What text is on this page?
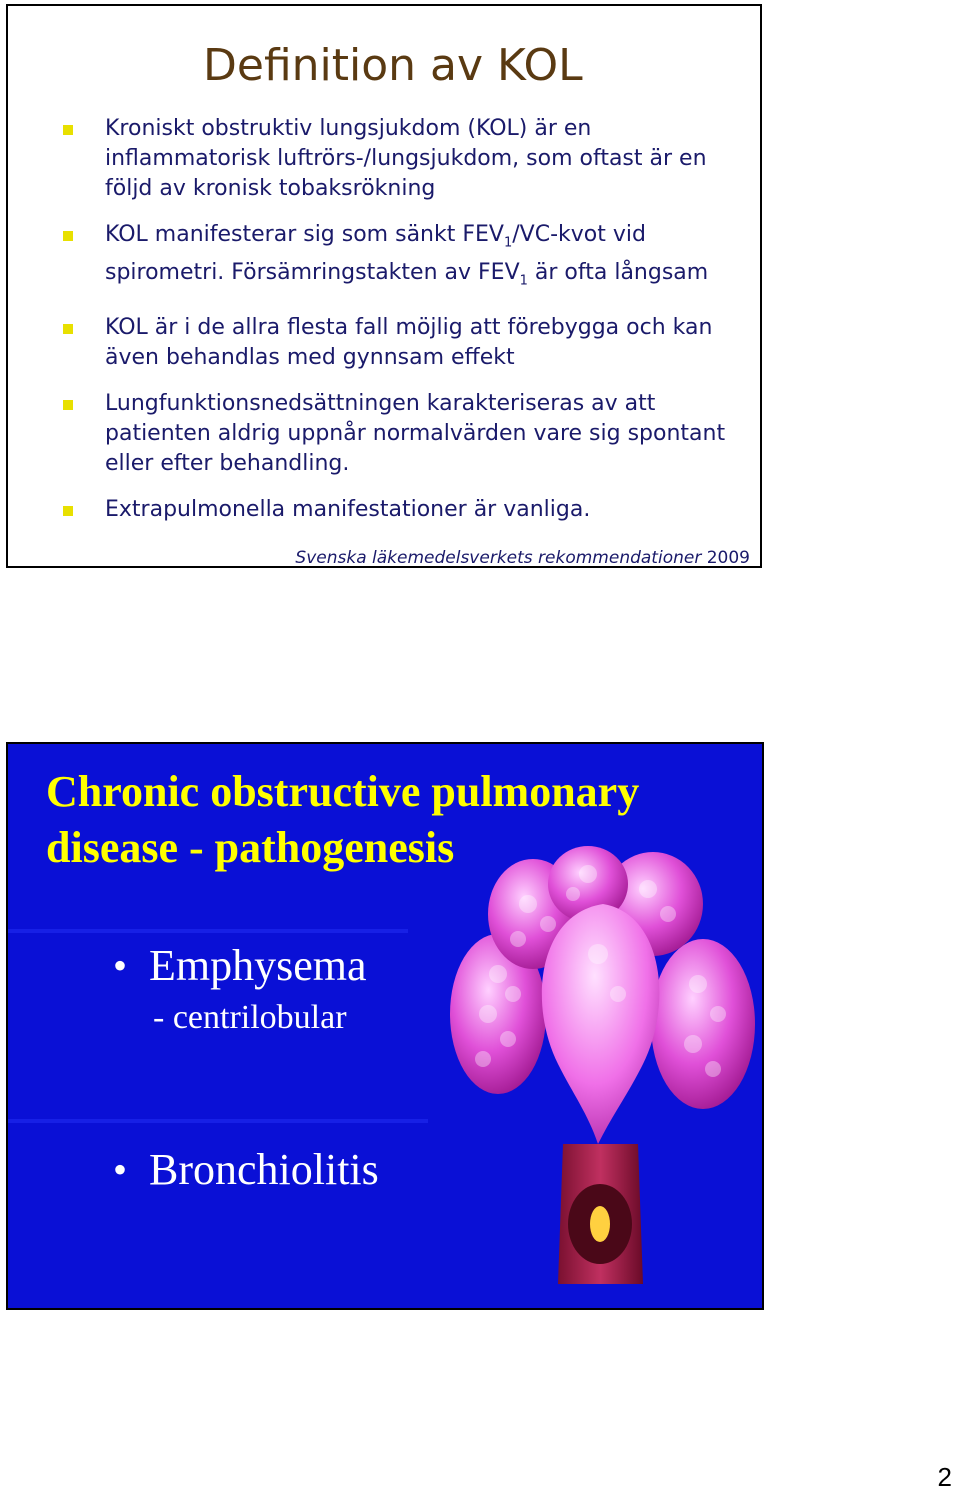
Definition av KOL
Kroniskt obstruktiv lungsjukdom (KOL) är en inflammatorisk luftrörs-/lungsjukdom, som oftast är en följd av kronisk tobaksrökning
KOL manifesterar sig som sänkt $FEV_1/VC$-kvot vid spirometri. Försämringstakten av $FEV_1$ är ofta långsam
KOL är i de allra flesta fall möjlig att förebygga och kan även behandlas med gynnsam effekt
Lungfunktionsnedsättningen karakteriseras av att patienten aldrig uppnår normalvärden vare sig spontant eller efter behandling.
Extrapulmonella manifestationer är vanliga.
Svenska läkemedelsverkets rekommendationer 2009
Chronic obstructive pulmonary
disease - pathogenesis
• Emphysema
- centrilobular
• Bronchiolitis
2
